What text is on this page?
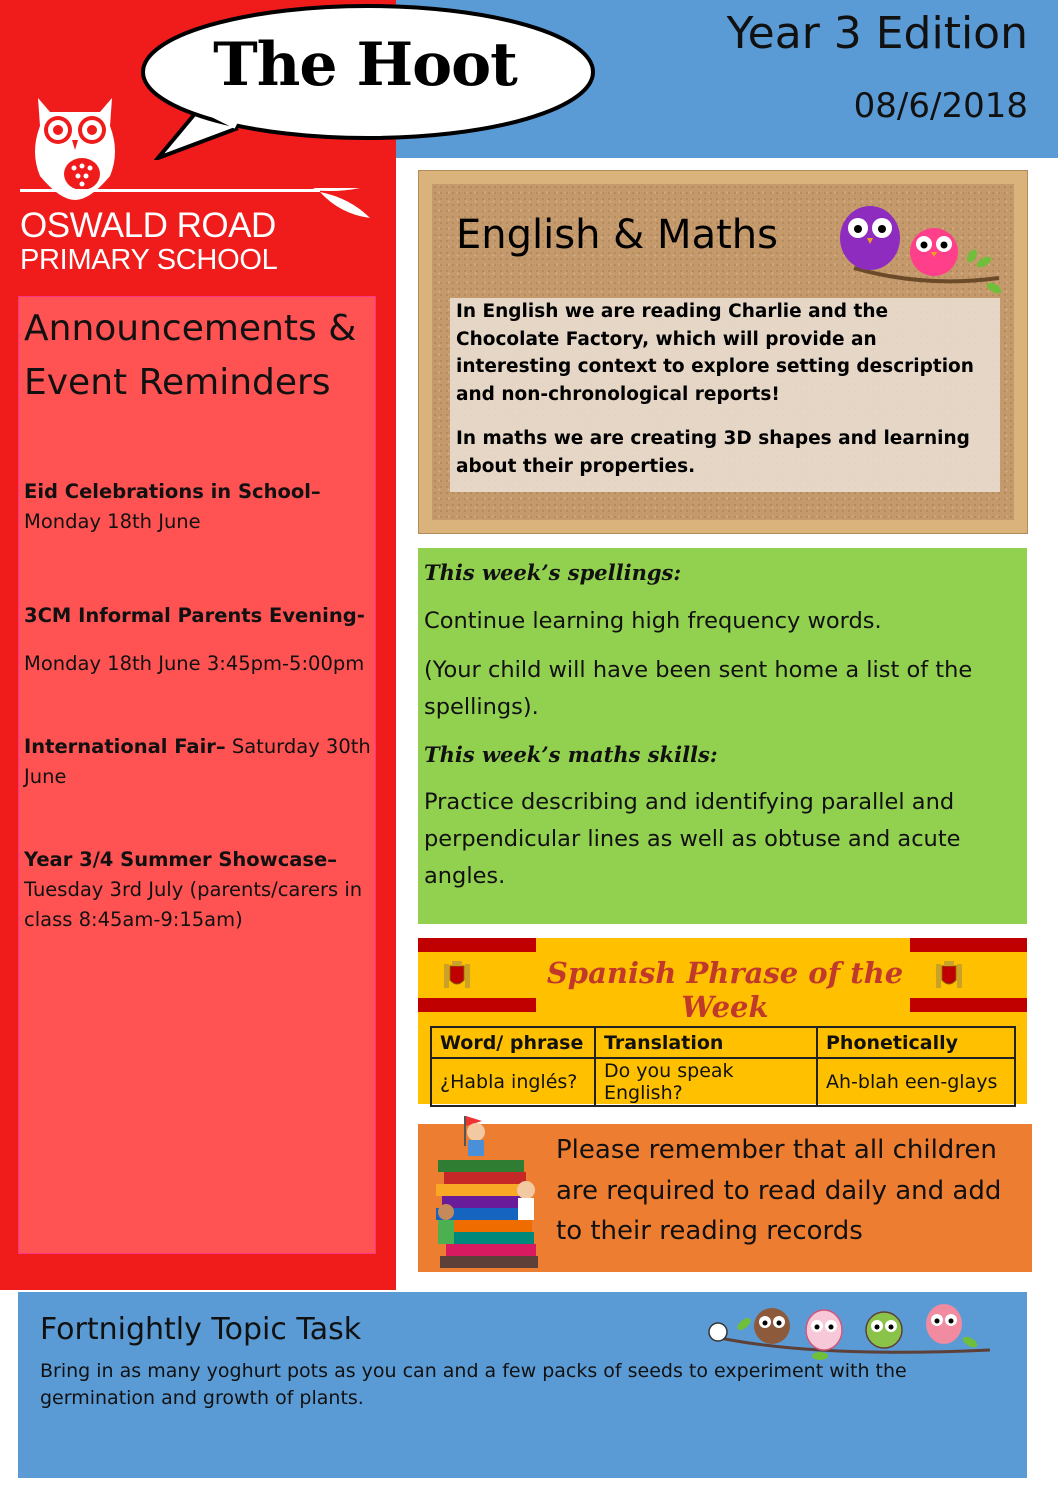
Year 3 Edition
08/6/2018
The Hoot
OSWALD ROAD
PRIMARY SCHOOL
Announcements &
Event Reminders
Eid Celebrations in School–
Monday 18th June
3CM Informal Parents Evening-
Monday 18th June 3:45pm-5:00pm
International Fair– Saturday 30th June
Year 3/4 Summer Showcase–
Tuesday 3rd July (parents/carers in class 8:45am-9:15am)
English & Maths
In English we are reading Charlie and the Chocolate Factory, which will provide an interesting context to explore setting description and non-chronological reports!
In maths we are creating 3D shapes and learning about their properties.
This week’s spellings:
Continue learning high frequency words.
(Your child will have been sent home a list of the spellings).
This week’s maths skills:
Practice describing and identifying parallel and perpendicular lines as well as obtuse and acute angles.
Spanish Phrase of the Week
Word/ phrase	Translation	Phonetically
¿Habla inglés?	Do you speak English?	Ah-blah een-glays
Please remember that all children are required to read daily and add to their reading records
Fortnightly Topic Task
Bring in as many yoghurt pots as you can and a few packs of seeds to experiment with the germination and growth of plants.
